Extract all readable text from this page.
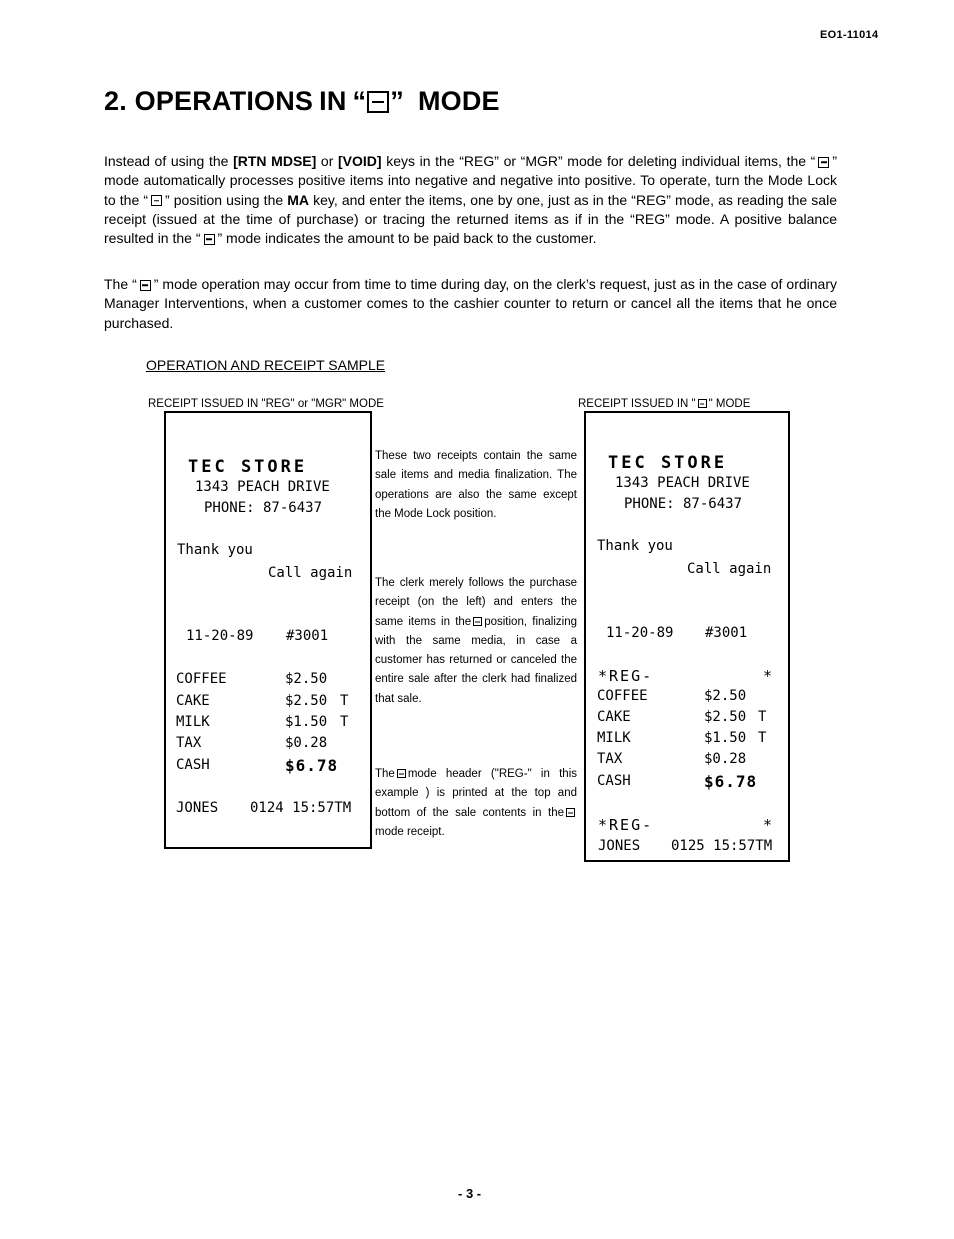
EO1-11014
2. OPERATIONS IN “ ” MODE
Instead of using the [RTN MDSE] or [VOID] keys in the “REG” or “MGR” mode for deleting individual items, the “ ” mode automatically processes positive items into negative and negative into positive. To operate, turn the Mode Lock to the “ ” position using the MA key, and enter the items, one by one, just as in the “REG” mode, as reading the sale receipt (issued at the time of purchase) or tracing the returned items as if in the “REG” mode. A positive balance resulted in the “ ” mode indicates the amount to be paid back to the customer.
The “ ” mode operation may occur from time to time during day, on the clerk’s request, just as in the case of ordinary Manager Interventions, when a customer comes to the cashier counter to return or cancel all the items that he once purchased.
OPERATION AND RECEIPT SAMPLE
RECEIPT ISSUED IN "REG" or "MGR" MODE	RECEIPT ISSUED IN " " MODE
TEC STORE
1343 PEACH DRIVE
PHONE: 87-6437
Thank you
Call again
11-20-89 #3001
COFFEE	$2.50
CAKE	$2.50 T
MILK	$1.50 T
TAX	$0.28
CASH	$6.78
JONES 0124 15:57TM
These two receipts contain the same sale items and media finalization. The operations are also the same except the Mode Lock position.
The clerk merely follows the purchase receipt (on the left) and enters the same items in the position, finalizing with the same media, in case a customer has returned or canceled the entire sale after the clerk had finalized that sale.
The mode header ("REG-" in this example ) is printed at the top and bottom of the sale contents in themode receipt.
TEC STORE
1343 PEACH DRIVE
PHONE: 87-6437
Thank you
Call again
11-20-89 #3001
*REG-	*
COFFEE	$2.50
CAKE	$2.50 T
MILK	$1.50 T
TAX	$0.28
CASH	$6.78
*REG-	*
JONES 0125 15:57TM
- 3 -
